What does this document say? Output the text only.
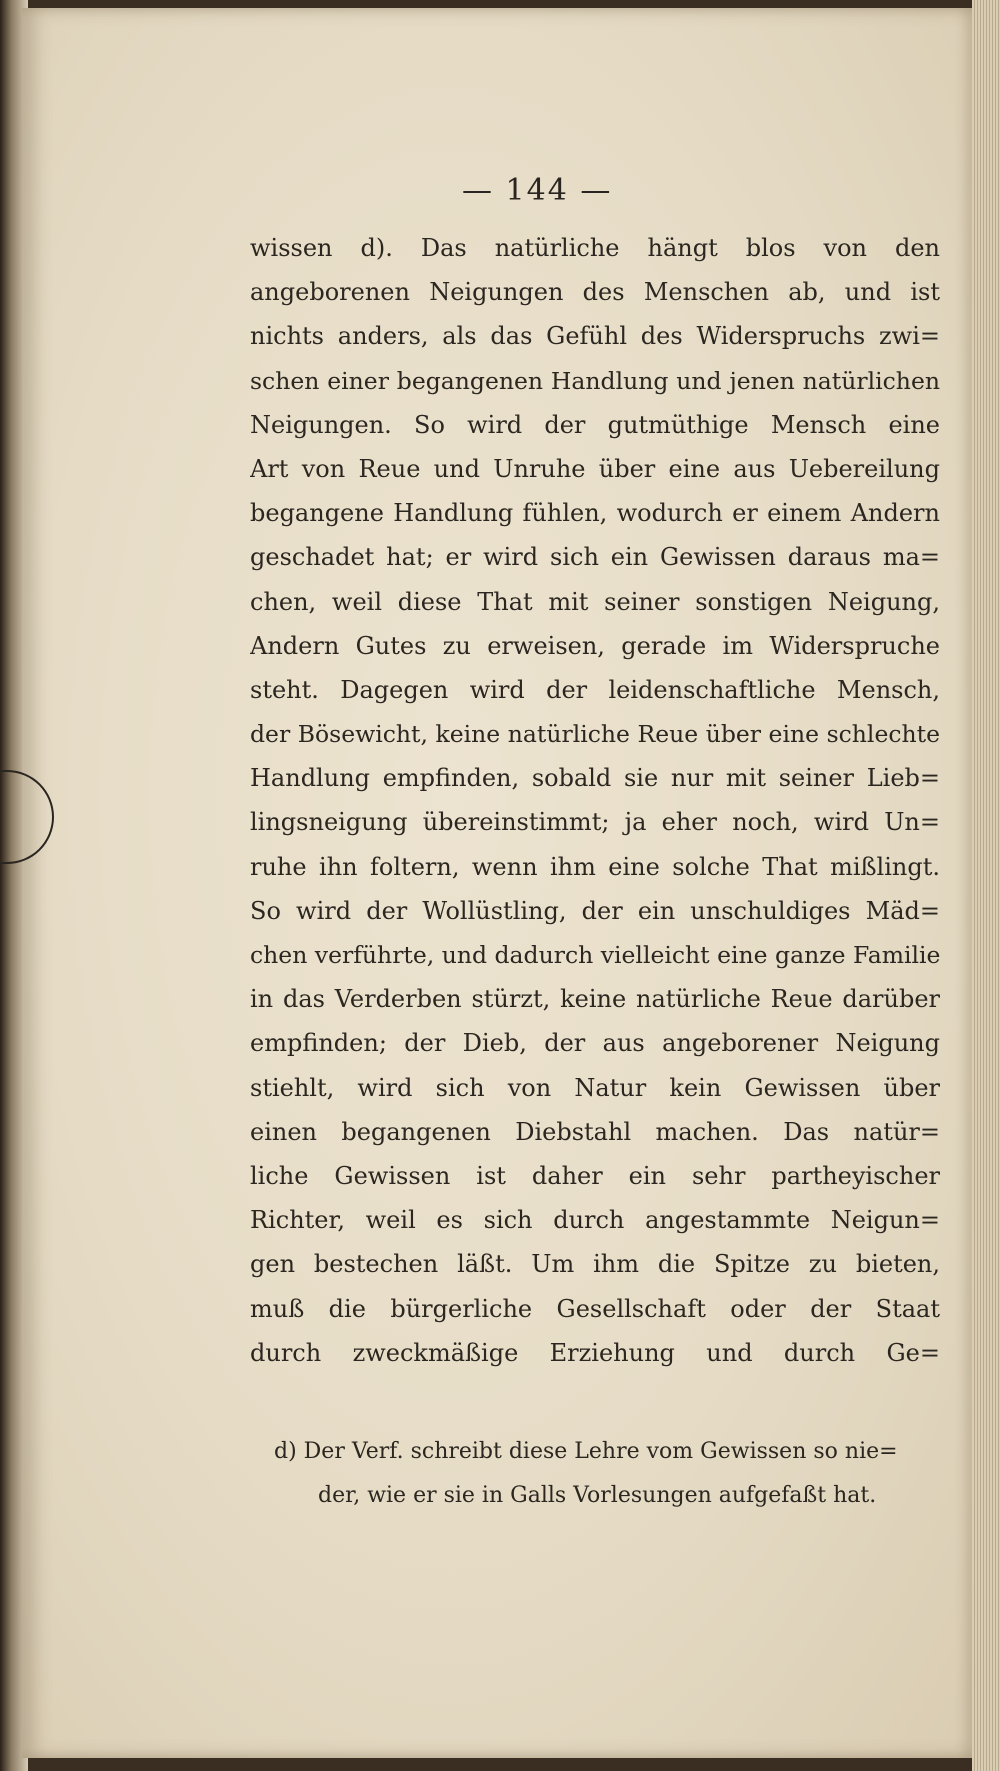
— 144 —
wissen d). Das natürliche hängt blos von den
angeborenen Neigungen des Menschen ab, und ist
nichts anders, als das Gefühl des Widerspruchs zwi=
schen einer begangenen Handlung und jenen natürlichen
Neigungen. So wird der gutmüthige Mensch eine
Art von Reue und Unruhe über eine aus Uebereilung
begangene Handlung fühlen, wodurch er einem Andern
geschadet hat; er wird sich ein Gewissen daraus ma=
chen, weil diese That mit seiner sonstigen Neigung,
Andern Gutes zu erweisen, gerade im Widerspruche
steht. Dagegen wird der leidenschaftliche Mensch,
der Bösewicht, keine natürliche Reue über eine schlechte
Handlung empfinden, sobald sie nur mit seiner Lieb=
lingsneigung übereinstimmt; ja eher noch, wird Un=
ruhe ihn foltern, wenn ihm eine solche That mißlingt.
So wird der Wollüstling, der ein unschuldiges Mäd=
chen verführte, und dadurch vielleicht eine ganze Familie
in das Verderben stürzt, keine natürliche Reue darüber
empfinden; der Dieb, der aus angeborener Neigung
stiehlt, wird sich von Natur kein Gewissen über
einen begangenen Diebstahl machen. Das natür=
liche Gewissen ist daher ein sehr partheyischer
Richter, weil es sich durch angestammte Neigun=
gen bestechen läßt. Um ihm die Spitze zu bieten,
muß die bürgerliche Gesellschaft oder der Staat
durch zweckmäßige Erziehung und durch Ge=
d) Der Verf. schreibt diese Lehre vom Gewissen so nie=
der, wie er sie in Galls Vorlesungen aufgefaßt hat.
